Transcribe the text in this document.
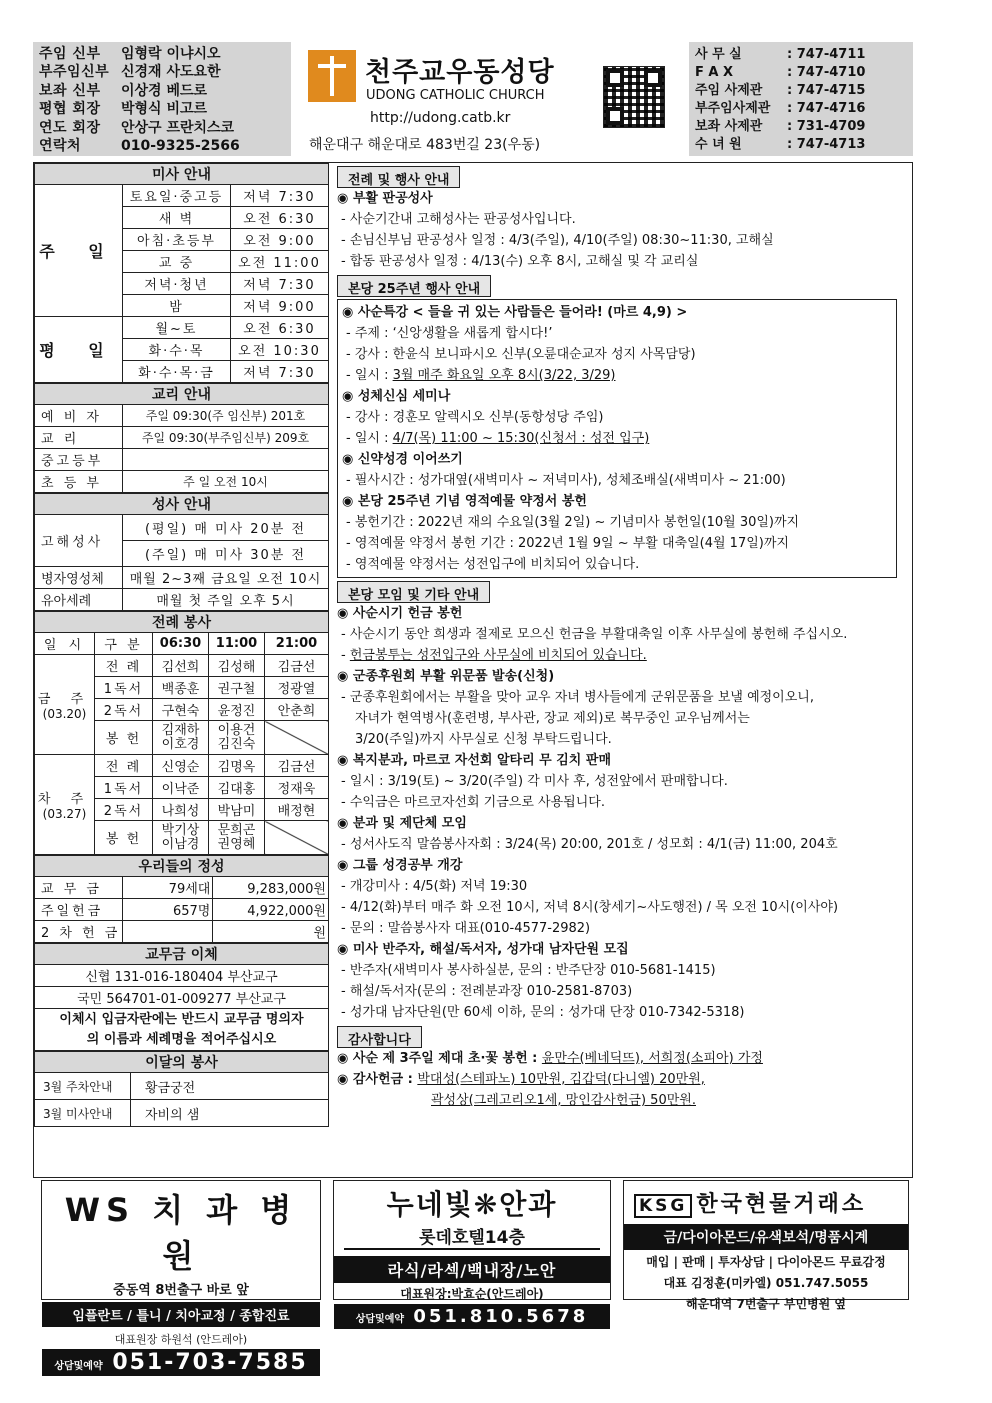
주임 신부	임형락 이냐시오
부주임신부 신경재 사도요한
보좌 신부	이상경 베드로
평협 회장	박형식 비고르
연도 회장	안상구 프란치스코
연락처	010-9325-2566
천주교우동성당
UDONG CATHOLIC CHURCH
http://udong.catb.kr
해운대구 해운대로 483번길 23(우동)
사 무 실	: 747-4711
F A X	: 747-4710
주임 사제관	: 747-4715
부주임사제관	: 747-4716
보좌 사제관	: 731-4709
수 녀 원	: 747-4713
미사 안내		
주 일	토요일·중고등	저녁 7:30
	새 벽	오전 6:30
	아침·초등부	오전 9:00
	교 중	오전 11:00
	저녁·청년	저녁 7:30
	밤	저녁 9:00
평 일	월~토	오전 6:30
	화·수·목	오전 10:30
	화·수·목·금	저녁 7:30
교리 안내	
예 비 자	주일 09:30(주 임신부) 201호
교 리	주일 09:30(부주임신부) 209호
중고등부	
초 등 부	주 일 오전 10시
성사 안내	
고해성사	(평일) 매 미사 20분 전
	(주일) 매 미사 30분 전
병자영성체	매월 2~3째 금요일 오전 10시
유아세례	매월 첫 주일 오후 5시
전례 봉사				
일 시	구 분	06:30	11:00	21:00

금 주
(03.20)	전 례	김선희	김성해	김금선
	1독서	백종훈	권구철	정광열
	2독서	구현숙	윤정진	안춘희
	봉 헌	김재하 이호경	이용건 김진숙	

차 주
(03.27)	전 례	신영순	김명옥	김금선
	1독서	이낙준	김대홍	정재욱
	2독서	나희성	박남미	배정현
	봉 헌	박기상 이남경	문희곤 권영혜	
우리들의 정성		
교 무 금	79세대	9,283,000원
주일헌금	657명	4,922,000원
2 차 헌 금		원
교무금 이체
신협 131-016-180404 부산교구
국민 564701-01-009277 부산교구
이체시 입금자란에는 반드시 교무금 명의자의 이름과 세례명을 적어주십시오
이달의 봉사	
3월 주차안내	황금궁전
3월 미사안내	자비의 샘
전례 및 행사 안내
◉ 부활 판공성사
- 사순기간내 고해성사는 판공성사입니다.
- 손님신부님 판공성사 일정 : 4/3(주일), 4/10(주일) 08:30~11:30, 고해실
- 합동 판공성사 일정 : 4/13(수) 오후 8시, 고해실 및 각 교리실
본당 25주년 행사 안내
◉ 사순특강 < 들을 귀 있는 사람들은 들어라! (마르 4,9) >
- 주제 : ‘신앙생활을 새롭게 합시다!’
- 강사 : 한윤식 보니파시오 신부(오륜대순교자 성지 사목담당)
- 일시 : 3월 매주 화요일 오후 8시(3/22, 3/29)
◉ 성체신심 세미나
- 강사 : 경훈모 알렉시오 신부(동항성당 주임)
- 일시 : 4/7(목) 11:00 ~ 15:30(신청서 : 성전 입구)
◉ 신약성경 이어쓰기
- 필사시간 : 성가대옆(새벽미사 ~ 저녁미사), 성체조배실(새벽미사 ~ 21:00)
◉ 본당 25주년 기념 영적예물 약정서 봉헌
- 봉헌기간 : 2022년 재의 수요일(3월 2일) ~ 기념미사 봉헌일(10월 30일)까지
- 영적예물 약정서 봉헌 기간 : 2022년 1월 9일 ~ 부활 대축일(4월 17일)까지
- 영적예물 약정서는 성전입구에 비치되어 있습니다.
본당 모임 및 기타 안내
◉ 사순시기 헌금 봉헌
- 사순시기 동안 희생과 절제로 모으신 헌금을 부활대축일 이후 사무실에 봉헌해 주십시오.
- 헌금봉투는 성전입구와 사무실에 비치되어 있습니다.
◉ 군종후원회 부활 위문품 발송(신청)
- 군종후원회에서는 부활을 맞아 교우 자녀 병사들에게 군위문품을 보낼 예정이오니,
자녀가 현역병사(훈련병, 부사관, 장교 제외)로 복무중인 교우님께서는
3/20(주일)까지 사무실로 신청 부탁드립니다.
◉ 복지분과, 마르코 자선회 알타리 무 김치 판매
- 일시 : 3/19(토) ~ 3/20(주일) 각 미사 후, 성전앞에서 판매합니다.
- 수익금은 마르코자선회 기금으로 사용됩니다.
◉ 분과 및 제단체 모임
- 성서사도직 말씀봉사자회 : 3/24(목) 20:00, 201호 / 성모회 : 4/1(금) 11:00, 204호
◉ 그룹 성경공부 개강
- 개강미사 : 4/5(화) 저녁 19:30
- 4/12(화)부터 매주 화 오전 10시, 저녁 8시(창세기~사도행전) / 목 오전 10시(이사야)
- 문의 : 말씀봉사자 대표(010-4577-2982)
◉ 미사 반주자, 해설/독서자, 성가대 남자단원 모집
- 반주자(새벽미사 봉사하실분, 문의 : 반주단장 010-5681-1415)
- 해설/독서자(문의 : 전례분과장 010-2581-8703)
- 성가대 남자단원(만 60세 이하, 문의 : 성가대 단장 010-7342-5318)
감사합니다
◉ 사순 제 3주일 제대 초·꽃 봉헌 : 윤만수(베네딕뜨), 서희정(소피아) 가정
◉ 감사헌금 : 박대성(스테파노) 10만원, 김갑덕(다니엘) 20만원,
곽성상(그레고리오1세, 망인감사헌금) 50만원.
WS 치 과 병 원
중동역 8번출구 바로 앞
임플란트 / 틀니 / 치아교정 / 종합진료
대표원장 하원석 (안드레아)
상담및예약 051-703-7585
누네빛❋안과
롯데호텔14층
라식/라섹/백내장/노안
대표원장:박효순(안드레아)
상담및예약 051.810.5678
KSG 한국현물거래소
금/다이아몬드/유색보석/명품시계
매입 | 판매 | 투자상담 | 다이아몬드 무료감정
대표 김정훈(미카엘) 051.747.5055
해운대역 7번출구 부민병원 옆
